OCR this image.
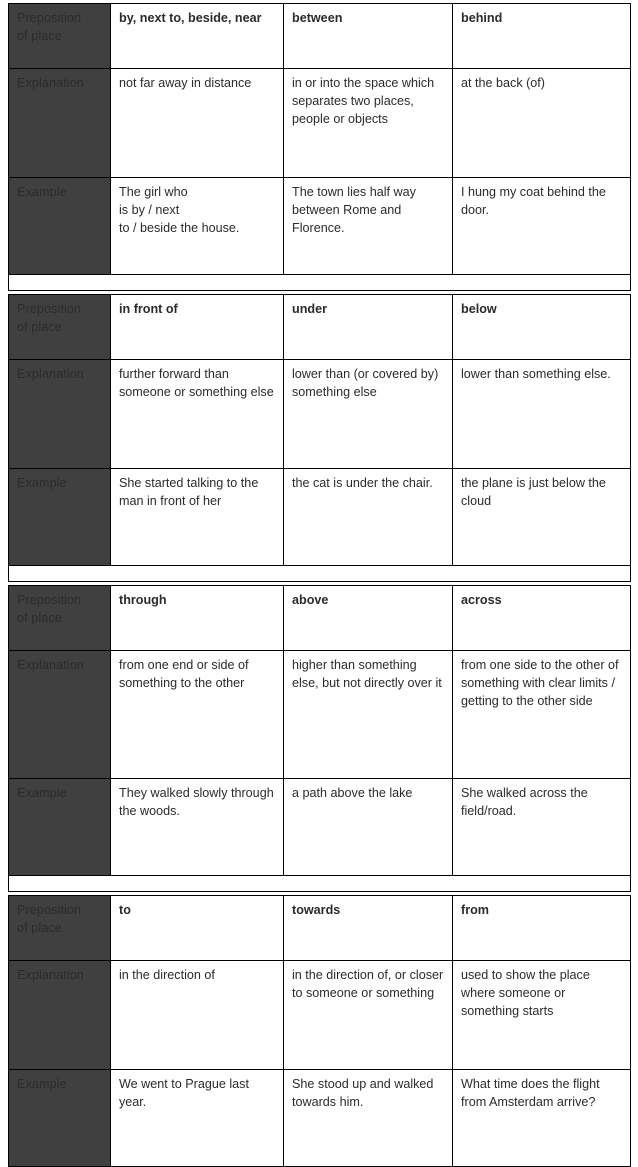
Preposition
of place	by, next to, beside, near	between	behind
Explanation	not far away in distance	in or into the space which separates two places, people or objects	at the back (of)
Example	The girl who
is by / next
to / beside the house.	The town lies half way between Rome and Florence.	I hung my coat behind the door.
Preposition
of place	in front of	under	below
Explanation	further forward than someone or something else	lower than (or covered by) something else	lower than something else.
Example	She started talking to the man in front of her	the cat is under the chair.	the plane is just below the cloud
Preposition
of place	through	above	across
Explanation	from one end or side of something to the other	higher than something else, but not directly over it	from one side to the other of something with clear limits / getting to the other side
Example	They walked slowly through the woods.	a path above the lake	She walked across the field/road.
Preposition
of place	to	towards	from
Explanation	in the direction of	in the direction of, or closer to someone or something	used to show the place where someone or something starts
Example	We went to Prague last year.	She stood up and walked towards him.	What time does the flight from Amsterdam arrive?
